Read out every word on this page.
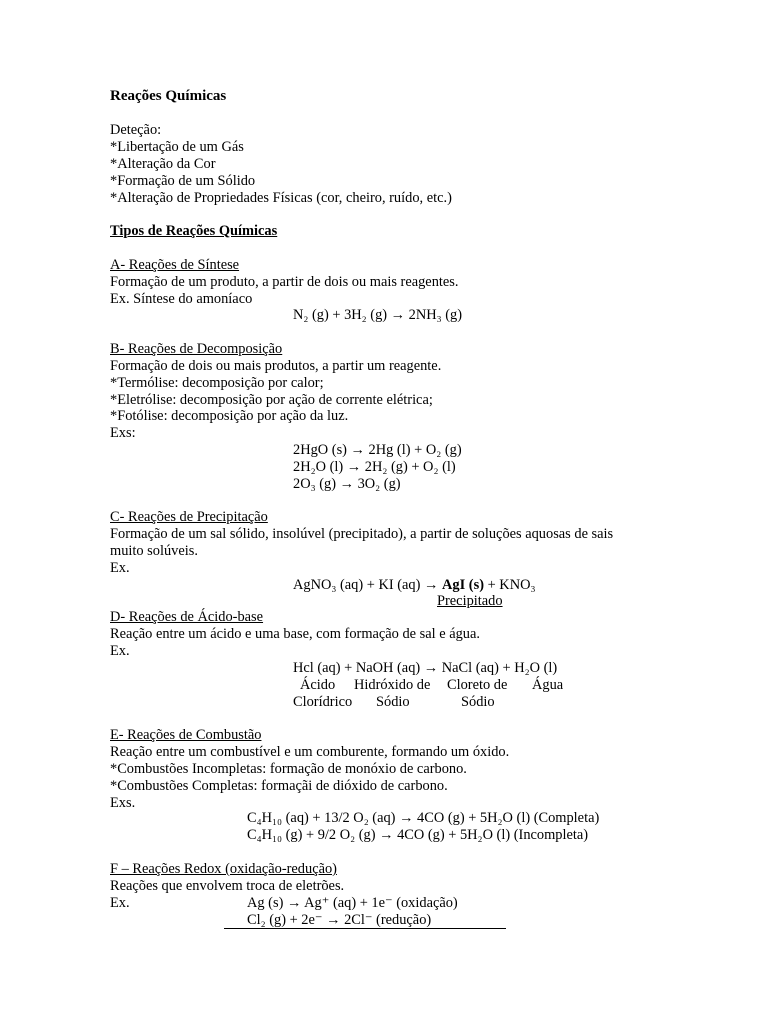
Reações Químicas
Deteção:
*Libertação de um Gás
*Alteração da Cor
*Formação de um Sólido
*Alteração de Propriedades Físicas (cor, cheiro, ruído, etc.)
Tipos de Reações Químicas
A- Reações de Síntese
Formação de um produto, a partir de dois ou mais reagentes.
Ex. Síntese do amoníaco
N₂ (g) + 3H₂ (g) → 2NH₃ (g)
B- Reações de Decomposição
Formação de dois ou mais produtos, a partir um reagente.
*Termólise: decomposição por calor;
*Eletrólise: decomposição por ação de corrente elétrica;
*Fotólise: decomposição por ação da luz.
Exs:
2HgO (s) → 2Hg (l) + O₂ (g)
2H₂O (l) → 2H₂ (g) + O₂ (l)
2O₃ (g) → 3O₂ (g)
C- Reações de Precipitação
Formação de um sal sólido, insolúvel (precipitado), a partir de soluções aquosas de sais
muito solúveis.
Ex.
AgNO₃ (aq) + KI (aq) → AgI (s) + KNO₃
Precipitado
D- Reações de Ácido-base
Reação entre um ácido e uma base, com formação de sal e água.
Ex.
Hcl (aq) + NaOH (aq) → NaCl (aq) + H₂O (l)
Ácido Hidróxido de Cloreto de Água
Clorídrico Sódio	Sódio
E- Reações de Combustão
Reação entre um combustível e um comburente, formando um óxido.
*Combustões Incompletas: formação de monóxio de carbono.
*Combustões Completas: formaçãi de dióxido de carbono.
Exs.
C₄H₁₀ (aq) + 13/2 O₂ (aq) → 4CO (g) + 5H₂O (l) (Completa)
C₄H₁₀ (g) + 9/2 O₂ (g) → 4CO (g) + 5H₂O (l) (Incompleta)
F – Reações Redox (oxidação-redução)
Reações que envolvem troca de eletrões.
Ex.	Ag (s) → Ag⁺ (aq) + 1e⁻ (oxidação)
Cl₂ (g) + 2e⁻ → 2Cl⁻ (redução)
